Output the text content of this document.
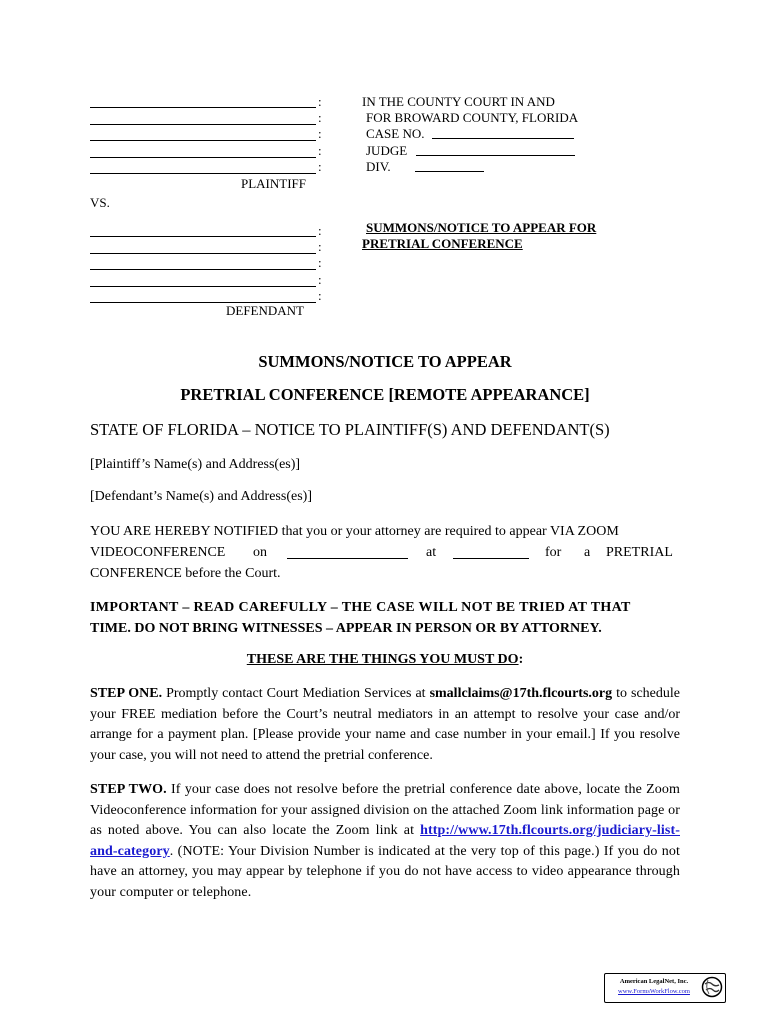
:
:
:
:
:
PLAINTIFF
VS.
:
:
:
:
:
DEFENDANT
IN THE COUNTY COURT IN AND
FOR BROWARD COUNTY, FLORIDA
CASE NO.
JUDGE
DIV.
SUMMONS/NOTICE TO APPEAR FOR
PRETRIAL CONFERENCE
SUMMONS/NOTICE TO APPEAR
PRETRIAL CONFERENCE [REMOTE APPEARANCE]
STATE OF FLORIDA – NOTICE TO PLAINTIFF(S) AND DEFENDANT(S)
[Plaintiff’s Name(s) and Address(es)]
[Defendant’s Name(s) and Address(es)]
YOU ARE HEREBY NOTIFIED that you or your attorney are required to appear VIA ZOOM
VIDEOCONFERENCE on	at	for a PRETRIAL
CONFERENCE before the Court.
IMPORTANT – READ CAREFULLY – THE CASE WILL NOT BE TRIED AT THAT
TIME. DO NOT BRING WITNESSES – APPEAR IN PERSON OR BY ATTORNEY.
THESE ARE THE THINGS YOU MUST DO:
STEP ONE. Promptly contact Court Mediation Services at smallclaims@17th.flcourts.org to schedule your FREE mediation before the Court’s neutral mediators in an attempt to resolve your case and/or arrange for a payment plan. [Please provide your name and case number in your email.] If you resolve your case, you will not need to attend the pretrial conference.
STEP TWO. If your case does not resolve before the pretrial conference date above, locate the Zoom Videoconference information for your assigned division on the attached Zoom link information page or as noted above. You can also locate the Zoom link at http://www.17th.flcourts.org/judiciary-list-and-category. (NOTE: Your Division Number is indicated at the very top of this page.) If you do not have an attorney, you may appear by telephone if you do not have access to video appearance through your computer or telephone.
American LegalNet, Inc.
www.FormsWorkFlow.com
